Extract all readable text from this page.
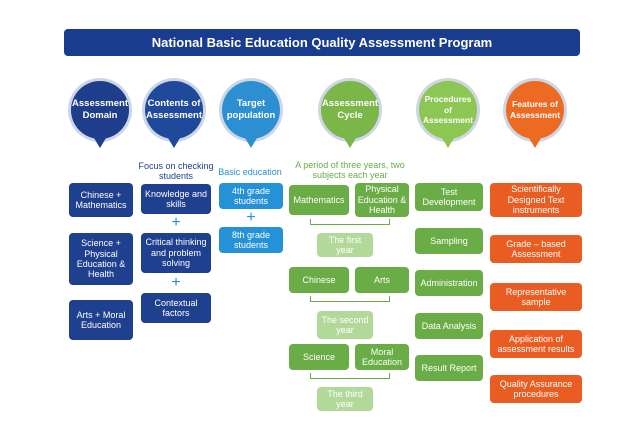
National Basic Education Quality Assessment Program
Assessment Domain
Contents of Assessment
Target population
Assessment Cycle
Procedures of Assessment
Features of Assessment
Chinese + Mathematics
Science + Physical Education & Health
Arts + Moral Education
Focus on checking students
Knowledge and skills
+
Critical thinking and problem solving
+
Contextual factors
Basic education
4th grade students
+
8th grade students
A period of three years, two subjects each year
Mathematics
Physical Education & Health
The first year
Chinese	Arts
The second year
Science
Moral Education
The third year
Test Development
Sampling
Administration
Data Analysis
Result Report
Scientifically Designed Text instruments
Grade – based Assessment
Representative sample
Application of assessment results
Quality Assurance procedures
